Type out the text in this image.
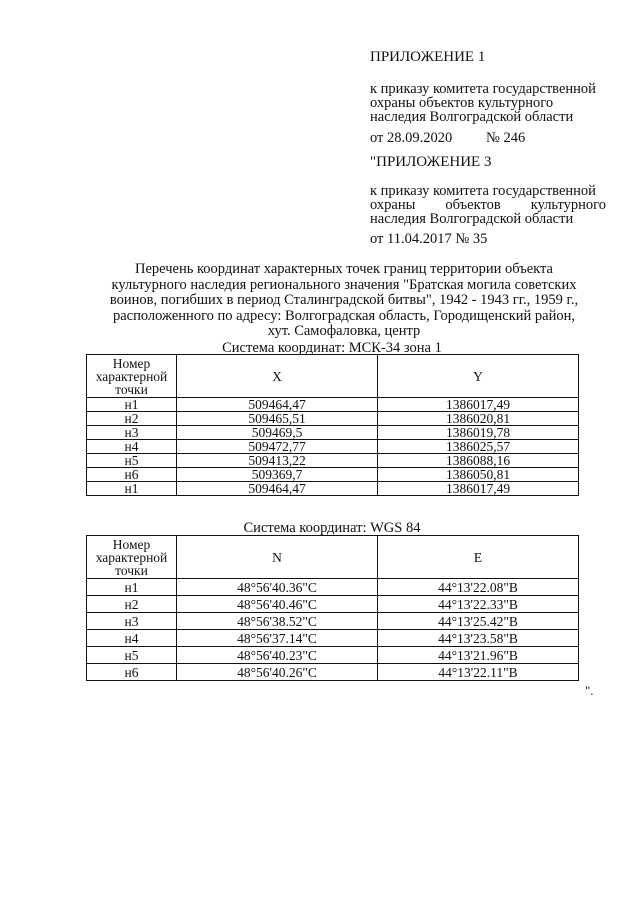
ПРИЛОЖЕНИЕ 1
к приказу комитета государственной
охраны объектов культурного
наследия Волгоградской области
от 28.09.2020 № 246
"ПРИЛОЖЕНИЕ 3
к приказу комитета государственной
охраны объектов культурного
наследия Волгоградской области
от 11.04.2017 № 35
Перечень координат характерных точек границ территории объекта
культурного наследия регионального значения "Братская могила советских
воинов, погибших в период Сталинградской битвы", 1942 - 1943 гг., 1959 г.,
расположенного по адресу: Волгоградская область, Городищенский район,
хут. Самофаловка, центр
Система координат: МСК-34 зона 1
Номер характерной точки	X	Y
н1	509464,47	1386017,49
н2	509465,51	1386020,81
н3	509469,5	1386019,78
н4	509472,77	1386025,57
н5	509413,22	1386088,16
н6	509369,7	1386050,81
н1	509464,47	1386017,49
Система координат: WGS 84
Номер характерной точки	N	E
н1	48°56'40.36"С	44°13'22.08"В
н2	48°56'40.46"С	44°13'22.33"В
н3	48°56'38.52"С	44°13'25.42"В
н4	48°56'37.14"С	44°13'23.58"В
н5	48°56'40.23"С	44°13'21.96"В
н6	48°56'40.26"С	44°13'22.11"В
".
